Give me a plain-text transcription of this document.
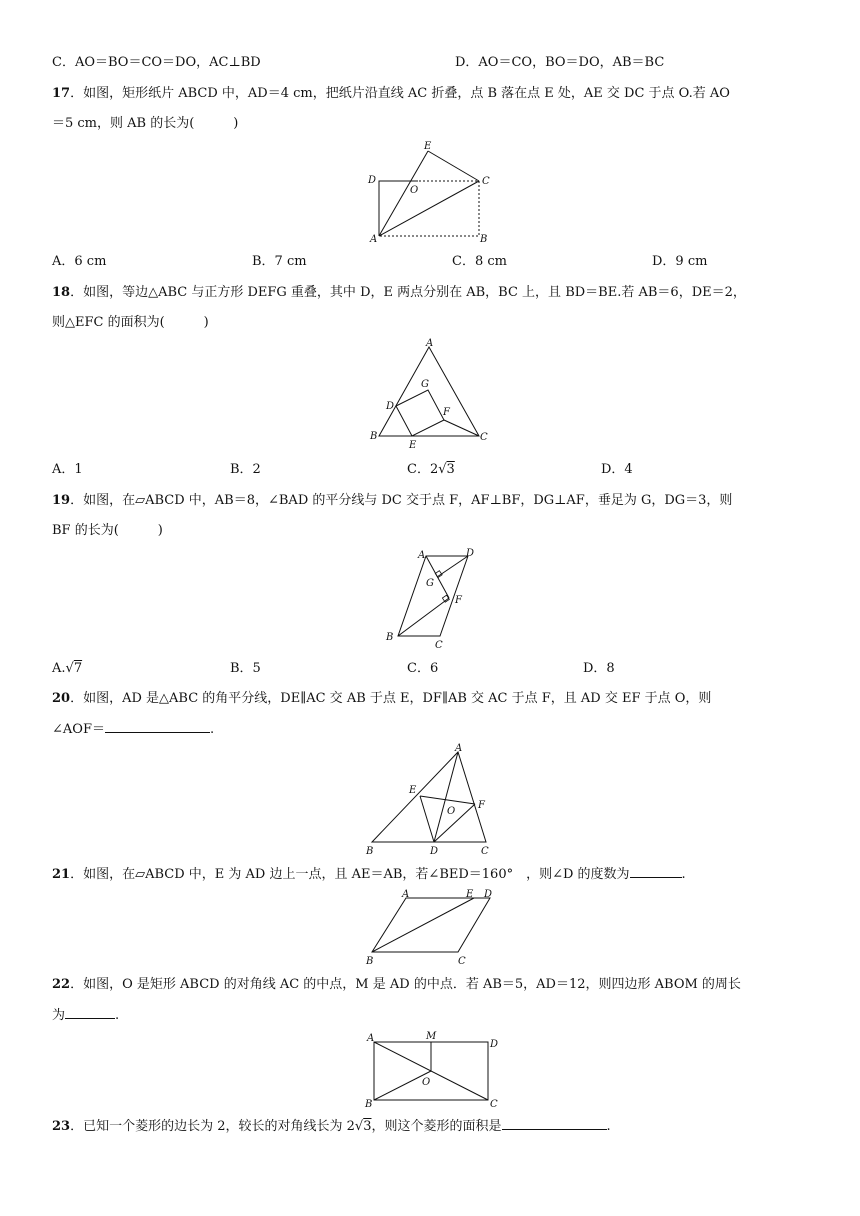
C．AO＝BO＝CO＝DO，AC⊥BD	D．AO＝CO，BO＝DO，AB＝BC
17．如图，矩形纸片 ABCD 中，AD＝4 cm，把纸片沿直线 AC 折叠，点 B 落在点 E 处，AE 交 DC 于点 O.若 AO
＝5 cm，则 AB 的长为(　　　)
E
D	C
O
A	B
A．6 cm	B．7 cm	C．8 cm	D．9 cm
18．如图，等边△ABC 与正方形 DEFG 重叠，其中 D，E 两点分别在 AB，BC 上，且 BD＝BE.若 AB＝6，DE＝2，
则△EFC 的面积为(　　　)
A
G
D
F
B
E
C
A．1	B．2	C．2√3	D．4
19．如图，在▱ABCD 中，AB＝8，∠BAD 的平分线与 DC 交于点 F，AF⊥BF，DG⊥AF，垂足为 G，DG＝3，则
BF 的长为(　　　)
A	D
G
F
B
C
A.√7	B．5	C．6	D．8
20．如图，AD 是△ABC 的角平分线，DE∥AC 交 AB 于点 E，DF∥AB 交 AC 于点 F，且 AD 交 EF 于点 O，则
∠AOF＝	.
A
E
O
F
B	D	C
21．如图，在▱ABCD 中，E 为 AD 边上一点，且 AE＝AB，若∠BED＝160°　，则∠D 的度数为	.
A	E D
B	C
22．如图，O 是矩形 ABCD 的对角线 AC 的中点，M 是 AD 的中点．若 AB＝5，AD＝12，则四边形 ABOM 的周长
为	.
A	M
D
O
B	C
23．已知一个菱形的边长为 2，较长的对角线长为 2√3，则这个菱形的面积是	.
